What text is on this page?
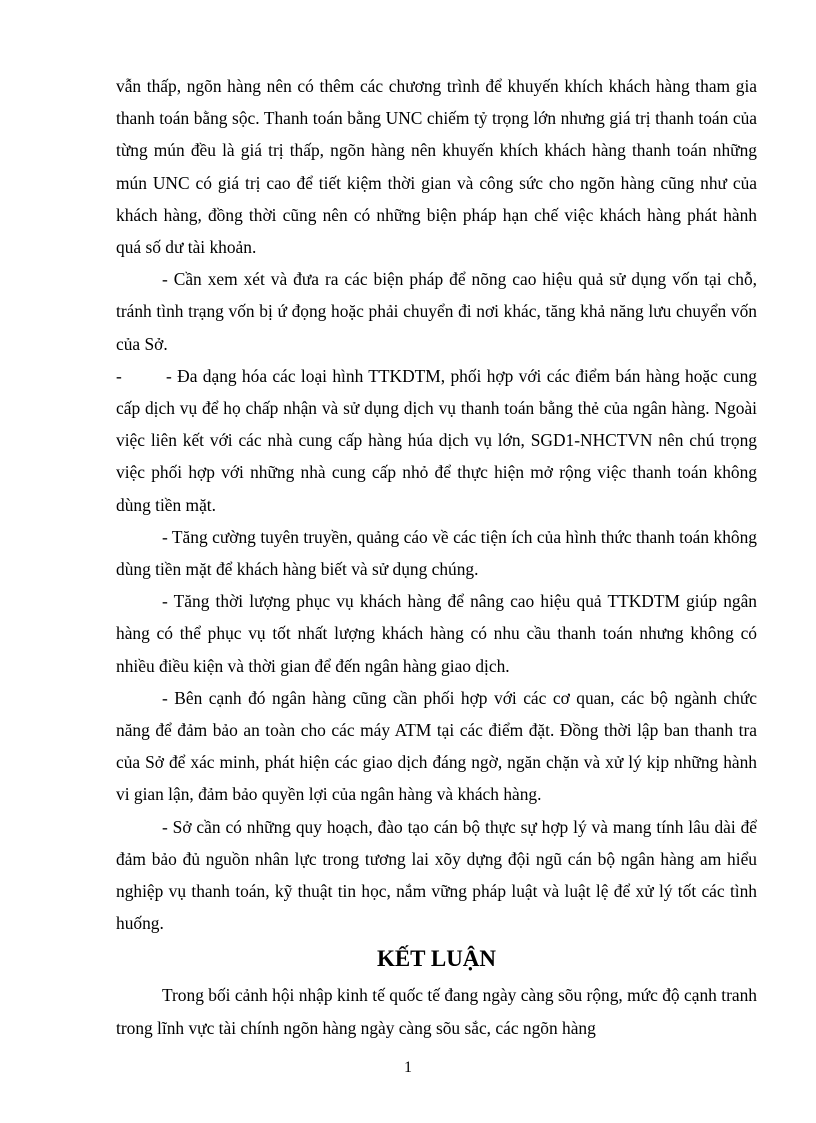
vẫn thấp, ngõn hàng nên có thêm các chương trình để khuyến khích khách hàng tham gia thanh toán bằng sộc. Thanh toán bằng UNC chiếm tỷ trọng lớn nhưng giá trị thanh toán của từng mún đều là giá trị thấp, ngõn hàng nên khuyến khích khách hàng thanh toán những mún UNC có giá trị cao để tiết kiệm thời gian và công sức cho ngõn hàng cũng như của khách hàng, đồng thời cũng nên có những biện pháp hạn chế việc khách hàng phát hành quá số dư tài khoản.

- Cần xem xét và đưa ra các biện pháp để nõng cao hiệu quả sử dụng vốn tại chỗ, tránh tình trạng vốn bị ứ đọng hoặc phải chuyển đi nơi khác, tăng khả năng lưu chuyển vốn của Sở.

-	- Đa dạng hóa các loại hình TTKDTM, phối hợp với các điểm bán hàng hoặc cung cấp dịch vụ để họ chấp nhận và sử dụng dịch vụ thanh toán bằng thẻ của ngân hàng. Ngoài việc liên kết với các nhà cung cấp hàng húa dịch vụ lớn, SGD1-NHCTVN nên chú trọng việc phối hợp với những nhà cung cấp nhỏ để thực hiện mở rộng việc thanh toán không dùng tiền mặt.

- Tăng cường tuyên truyền, quảng cáo về các tiện ích của hình thức thanh toán không dùng tiền mặt để khách hàng biết và sử dụng chúng.

- Tăng thời lượng phục vụ khách hàng để nâng cao hiệu quả TTKDTM giúp ngân hàng có thể phục vụ tốt nhất lượng khách hàng có nhu cầu thanh toán nhưng không có nhiều điều kiện và thời gian để đến ngân hàng giao dịch.

- Bên cạnh đó ngân hàng cũng cần phối hợp với các cơ quan, các bộ ngành chức năng để đảm bảo an toàn cho các máy ATM tại các điểm đặt. Đồng thời lập ban thanh tra của Sở để xác minh, phát hiện các giao dịch đáng ngờ, ngăn chặn và xử lý kịp những hành vi gian lận, đảm bảo quyền lợi của ngân hàng và khách hàng.

- Sở cần có những quy hoạch, đào tạo cán bộ thực sự hợp lý và mang tính lâu dài để đảm bảo đủ nguồn nhân lực trong tương lai xõy dựng đội ngũ cán bộ ngân hàng am hiểu nghiệp vụ thanh toán, kỹ thuật tin học, nắm vững pháp luật và luật lệ để xử lý tốt các tình huống.

KẾT LUẬN

Trong bối cảnh hội nhập kinh tế quốc tế đang ngày càng sõu rộng, mức độ cạnh tranh trong lĩnh vực tài chính ngõn hàng ngày càng sõu sắc, các ngõn hàng

1
